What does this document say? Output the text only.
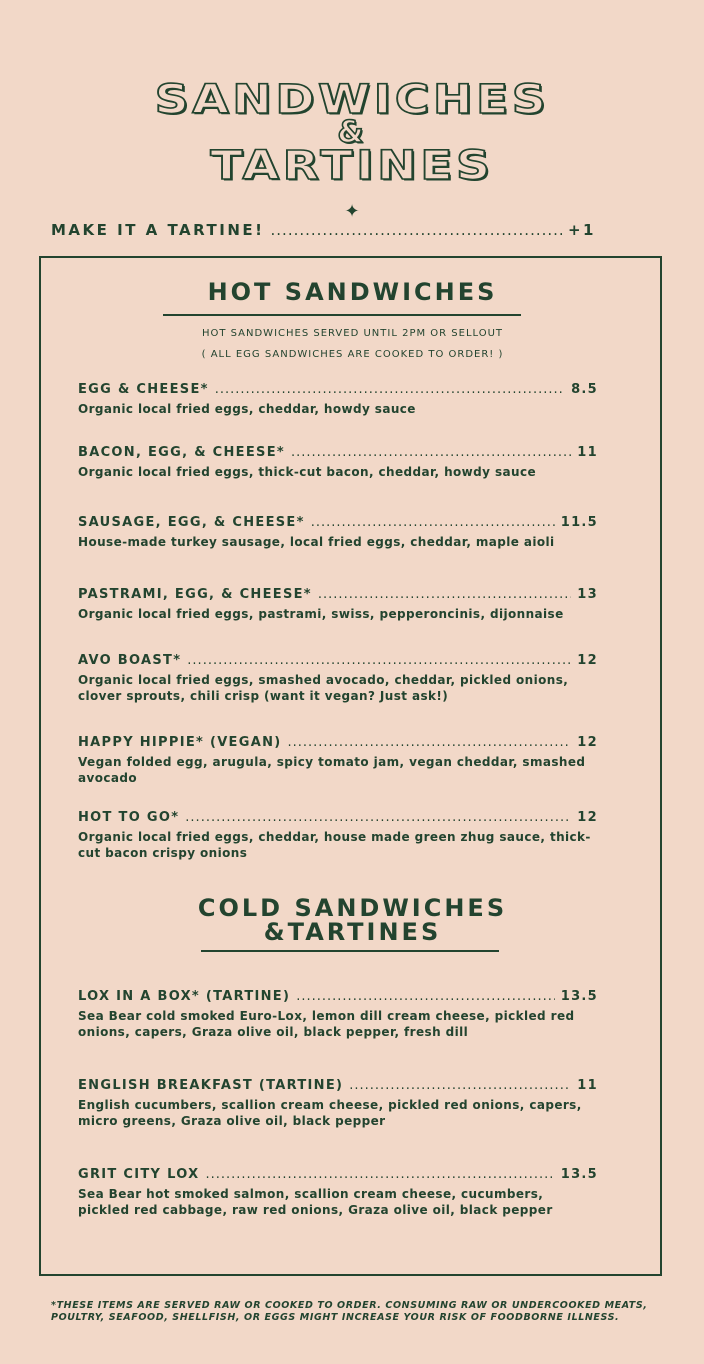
SANDWICHES
&
TARTINES
✦
MAKE IT A TARTINE! .....	+1
HOT SANDWICHES
HOT SANDWICHES SERVED UNTIL 2PM OR SELLOUT
( ALL EGG SANDWICHES ARE COOKED TO ORDER! )
EGG & CHEESE* .....	8.5
Organic local fried eggs, cheddar, howdy sauce
BACON, EGG, & CHEESE* .....	11
Organic local fried eggs, thick-cut bacon, cheddar, howdy sauce
SAUSAGE, EGG, & CHEESE* .....	11.5
House-made turkey sausage, local fried eggs, cheddar, maple aioli
PASTRAMI, EGG, & CHEESE* .....	13
Organic local fried eggs, pastrami, swiss, pepperoncinis, dijonnaise
AVO BOAST* .....	12
Organic local fried eggs, smashed avocado, cheddar, pickled onions, clover sprouts, chili crisp (want it vegan? Just ask!)
HAPPY HIPPIE* (VEGAN) .....	12
Vegan folded egg, arugula, spicy tomato jam, vegan cheddar, smashed avocado
HOT TO GO* .....	12
Organic local fried eggs, cheddar, house made green zhug sauce, thick-cut bacon crispy onions
COLD SANDWICHES
&TARTINES
LOX IN A BOX* (TARTINE) .....	13.5
Sea Bear cold smoked Euro-Lox, lemon dill cream cheese, pickled red onions, capers, Graza olive oil, black pepper, fresh dill
ENGLISH BREAKFAST (TARTINE) .....	11
English cucumbers, scallion cream cheese, pickled red onions, capers, micro greens, Graza olive oil, black pepper
GRIT CITY LOX .....	13.5
Sea Bear hot smoked salmon, scallion cream cheese, cucumbers, pickled red cabbage, raw red onions, Graza olive oil, black pepper
*THESE ITEMS ARE SERVED RAW OR COOKED TO ORDER. CONSUMING RAW OR UNDERCOOKED MEATS, POULTRY, SEAFOOD, SHELLFISH, OR EGGS MIGHT INCREASE YOUR RISK OF FOODBORNE ILLNESS.
